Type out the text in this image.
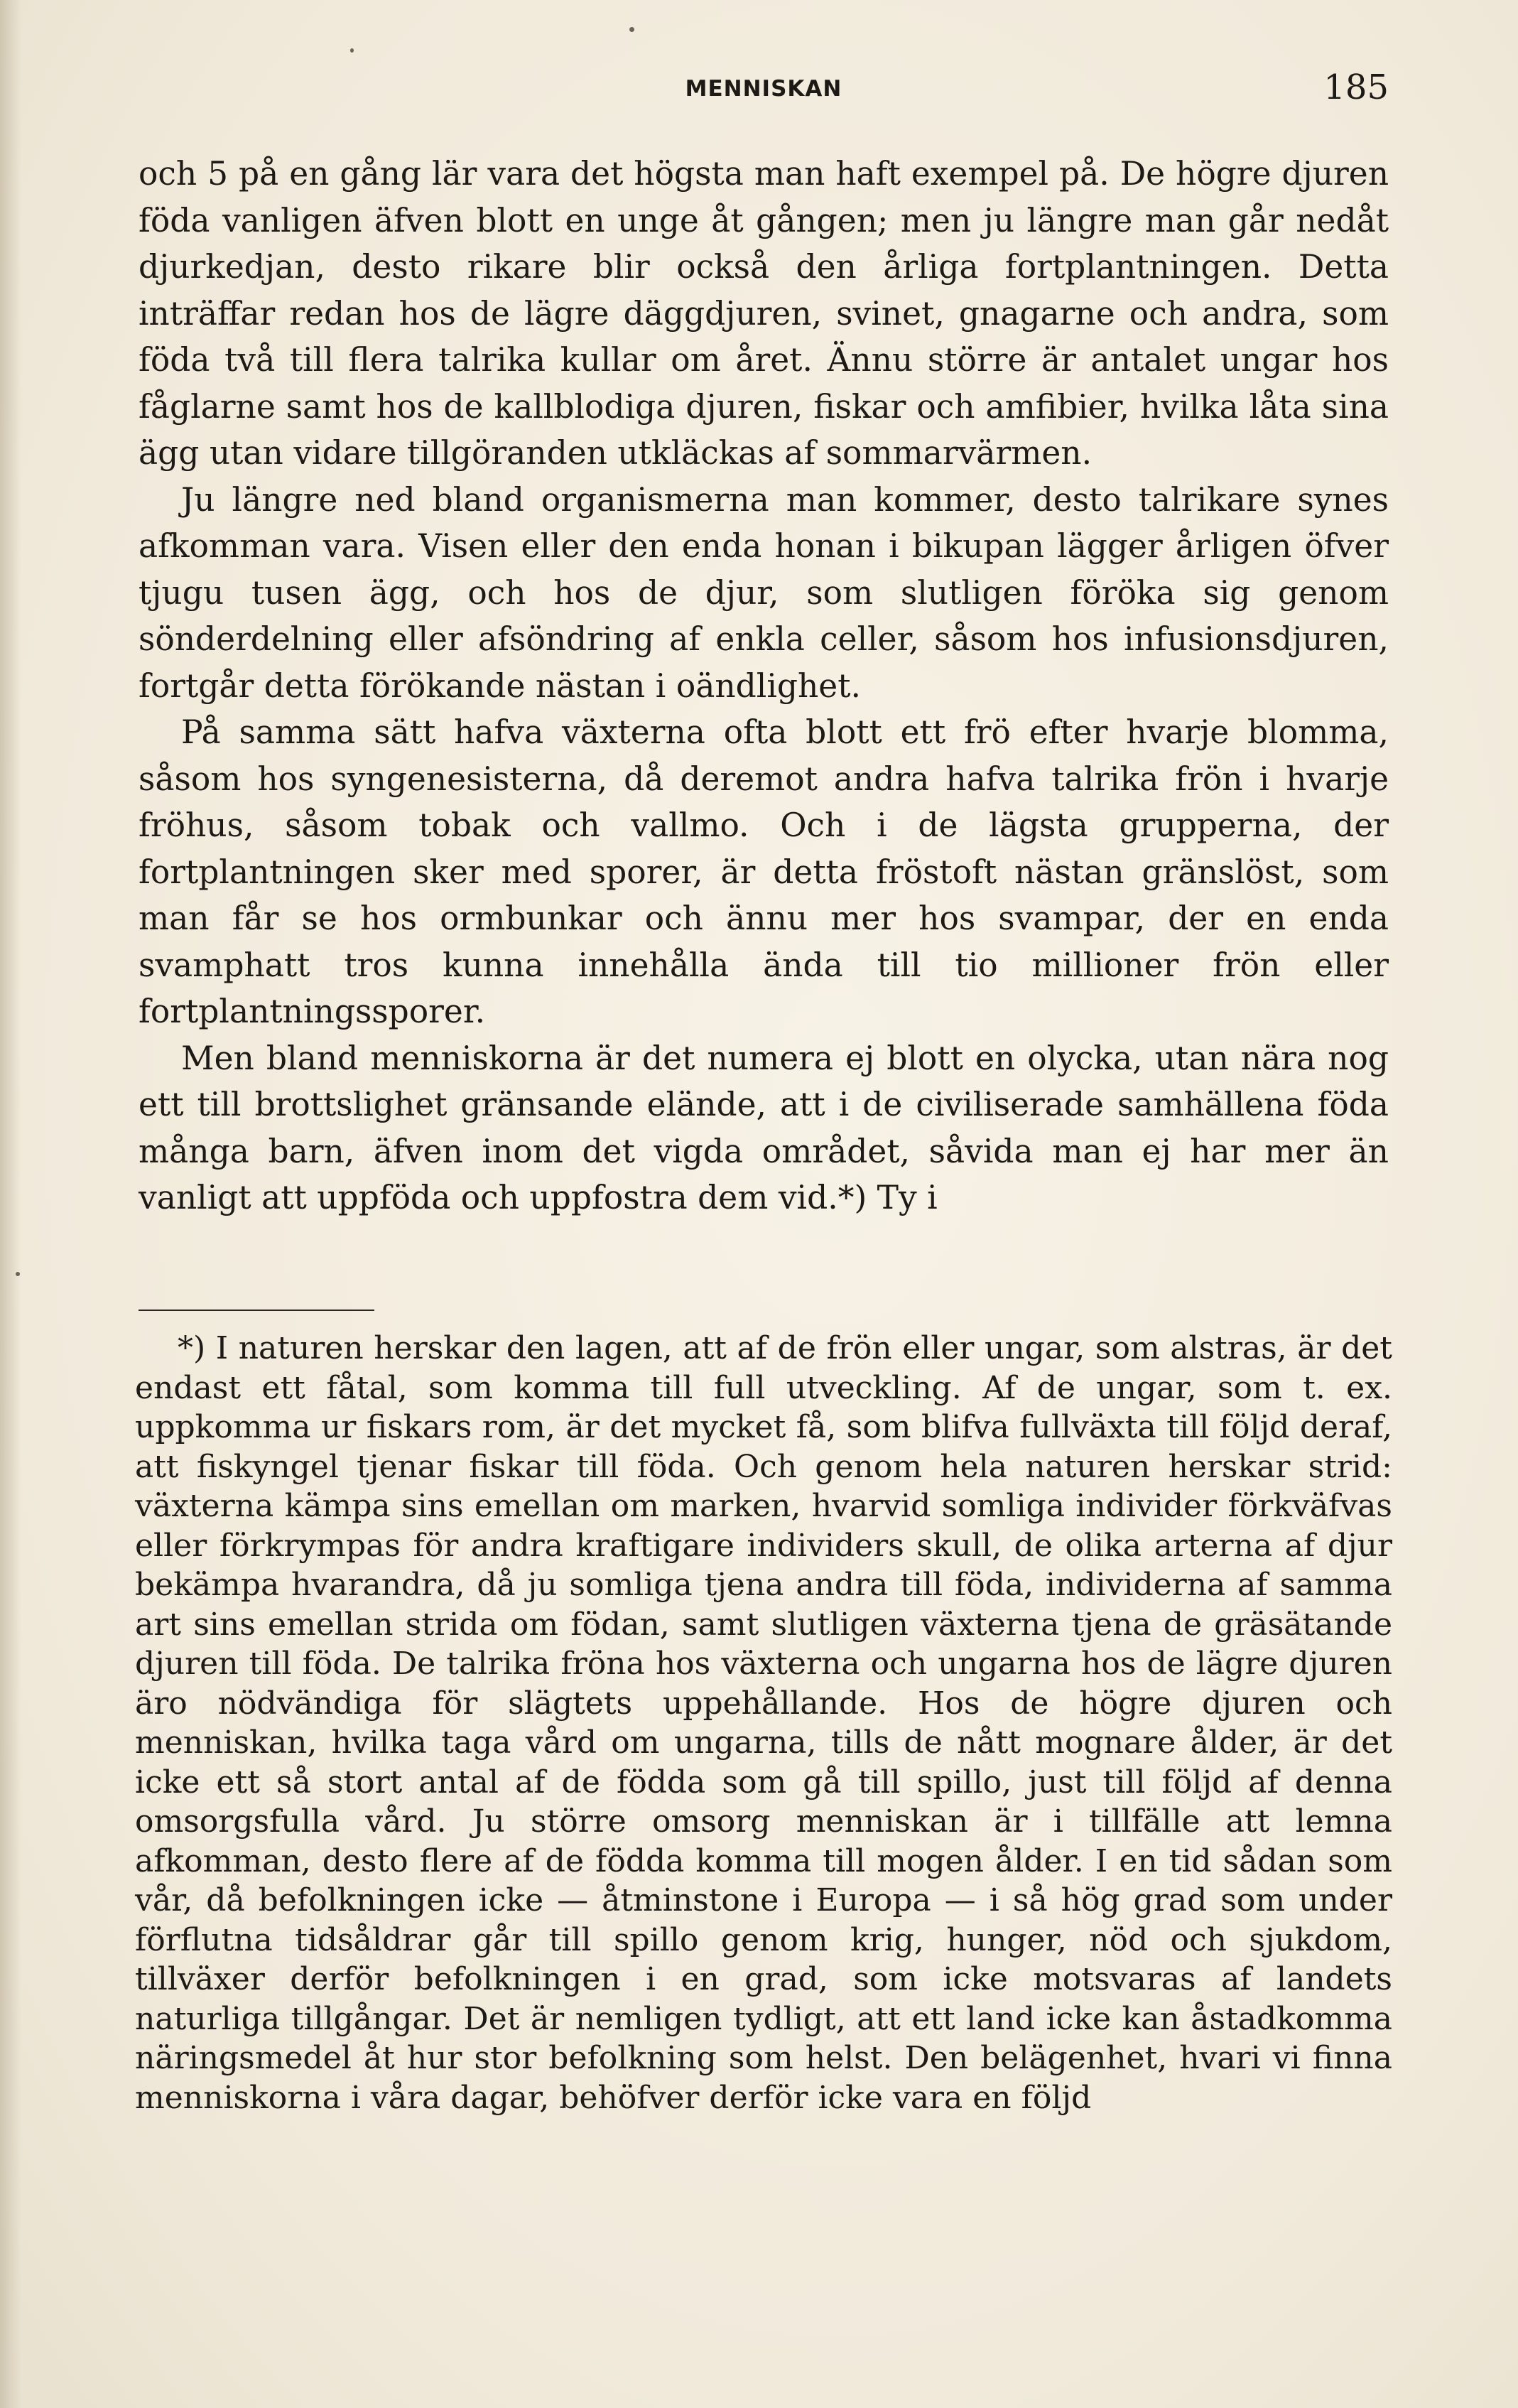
MENNISKAN	185

och 5 på en gång lär vara det högsta man haft exempel på. De högre djuren föda vanligen äfven blott en unge åt gången; men ju längre man går nedåt djurkedjan, desto rikare blir också den årliga fortplantningen. Detta inträffar redan hos de lägre däggdjuren, svinet, gnagarne och andra, som föda två till flera talrika kullar om året. Ännu större är antalet ungar hos fåglarne samt hos de kallblodiga djuren, fiskar och amfibier, hvilka låta sina ägg utan vidare tillgöranden utkläckas af sommarvärmen.

Ju längre ned bland organismerna man kommer, desto talrikare synes afkomman vara. Visen eller den enda honan i bikupan lägger årligen öfver tjugu tusen ägg, och hos de djur, som slutligen föröka sig genom sönderdelning eller afsöndring af enkla celler, såsom hos infusionsdjuren, fortgår detta förökande nästan i oändlighet.

På samma sätt hafva växterna ofta blott ett frö efter hvarje blomma, såsom hos syngenesisterna, då deremot andra hafva talrika frön i hvarje fröhus, såsom tobak och vallmo. Och i de lägsta grupperna, der fortplantningen sker med sporer, är detta fröstoft nästan gränslöst, som man får se hos ormbunkar och ännu mer hos svampar, der en enda svamphatt tros kunna innehålla ända till tio millioner frön eller fortplantningssporer.

Men bland menniskorna är det numera ej blott en olycka, utan nära nog ett till brottslighet gränsande elände, att i de civiliserade samhällena föda många barn, äfven inom det vigda området, såvida man ej har mer än vanligt att uppföda och uppfostra dem vid.*) Ty i

*) I naturen herskar den lagen, att af de frön eller ungar, som alstras, är det endast ett fåtal, som komma till full utveckling. Af de ungar, som t. ex. uppkomma ur fiskars rom, är det mycket få, som blifva fullväxta till följd deraf, att fiskyngel tjenar fiskar till föda. Och genom hela naturen herskar strid: växterna kämpa sins emellan om marken, hvarvid somliga individer förkväfvas eller förkrympas för andra kraftigare individers skull, de olika arterna af djur bekämpa hvarandra, då ju somliga tjena andra till föda, individerna af samma art sins emellan strida om födan, samt slutligen växterna tjena de gräsätande djuren till föda. De talrika fröna hos växterna och ungarna hos de lägre djuren äro nödvändiga för slägtets uppehållande. Hos de högre djuren och menniskan, hvilka taga vård om ungarna, tills de nått mognare ålder, är det icke ett så stort antal af de födda som gå till spillo, just till följd af denna omsorgsfulla vård. Ju större omsorg menniskan är i tillfälle att lemna afkomman, desto flere af de födda komma till mogen ålder. I en tid sådan som vår, då befolkningen icke — åtminstone i Europa — i så hög grad som under förflutna tidsåldrar går till spillo genom krig, hunger, nöd och sjukdom, tillväxer derför befolkningen i en grad, som icke motsvaras af landets naturliga tillgångar. Det är nemligen tydligt, att ett land icke kan åstadkomma näringsmedel åt hur stor befolkning som helst. Den belägenhet, hvari vi finna menniskorna i våra dagar, behöfver derför icke vara en följd
